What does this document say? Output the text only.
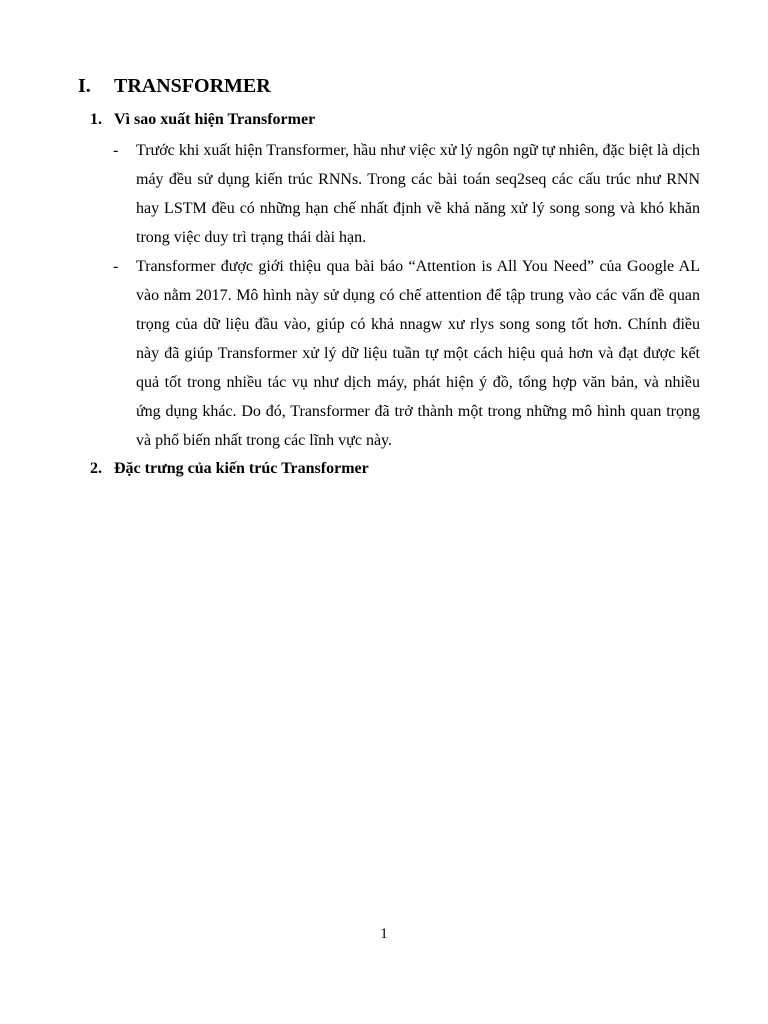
I. TRANSFORMER
1. Vì sao xuất hiện Transformer
- Trước khi xuất hiện Transformer, hầu như việc xử lý ngôn ngữ tự nhiên, đặc biệt là dịch máy đều sử dụng kiến trúc RNNs. Trong các bài toán seq2seq các cấu trúc như RNN hay LSTM đều có những hạn chế nhất định về khả năng xử lý song song và khó khăn trong việc duy trì trạng thái dài hạn.
- Transformer được giới thiệu qua bài báo “Attention is All You Need” của Google AL vào nằm 2017. Mô hình này sử dụng có chế attention để tập trung vào các vấn đề quan trọng của dữ liệu đầu vào, giúp có khả nnagw xư rlys song song tốt hơn. Chính điều này đã giúp Transformer xử lý dữ liệu tuần tự một cách hiệu quả hơn và đạt được kết quả tốt trong nhiều tác vụ như dịch máy, phát hiện ý đồ, tổng hợp văn bản, và nhiều ứng dụng khác. Do đó, Transformer đã trở thành một trong những mô hình quan trọng và phổ biến nhất trong các lĩnh vực này.
2. Đặc trưng của kiến trúc Transformer
1
